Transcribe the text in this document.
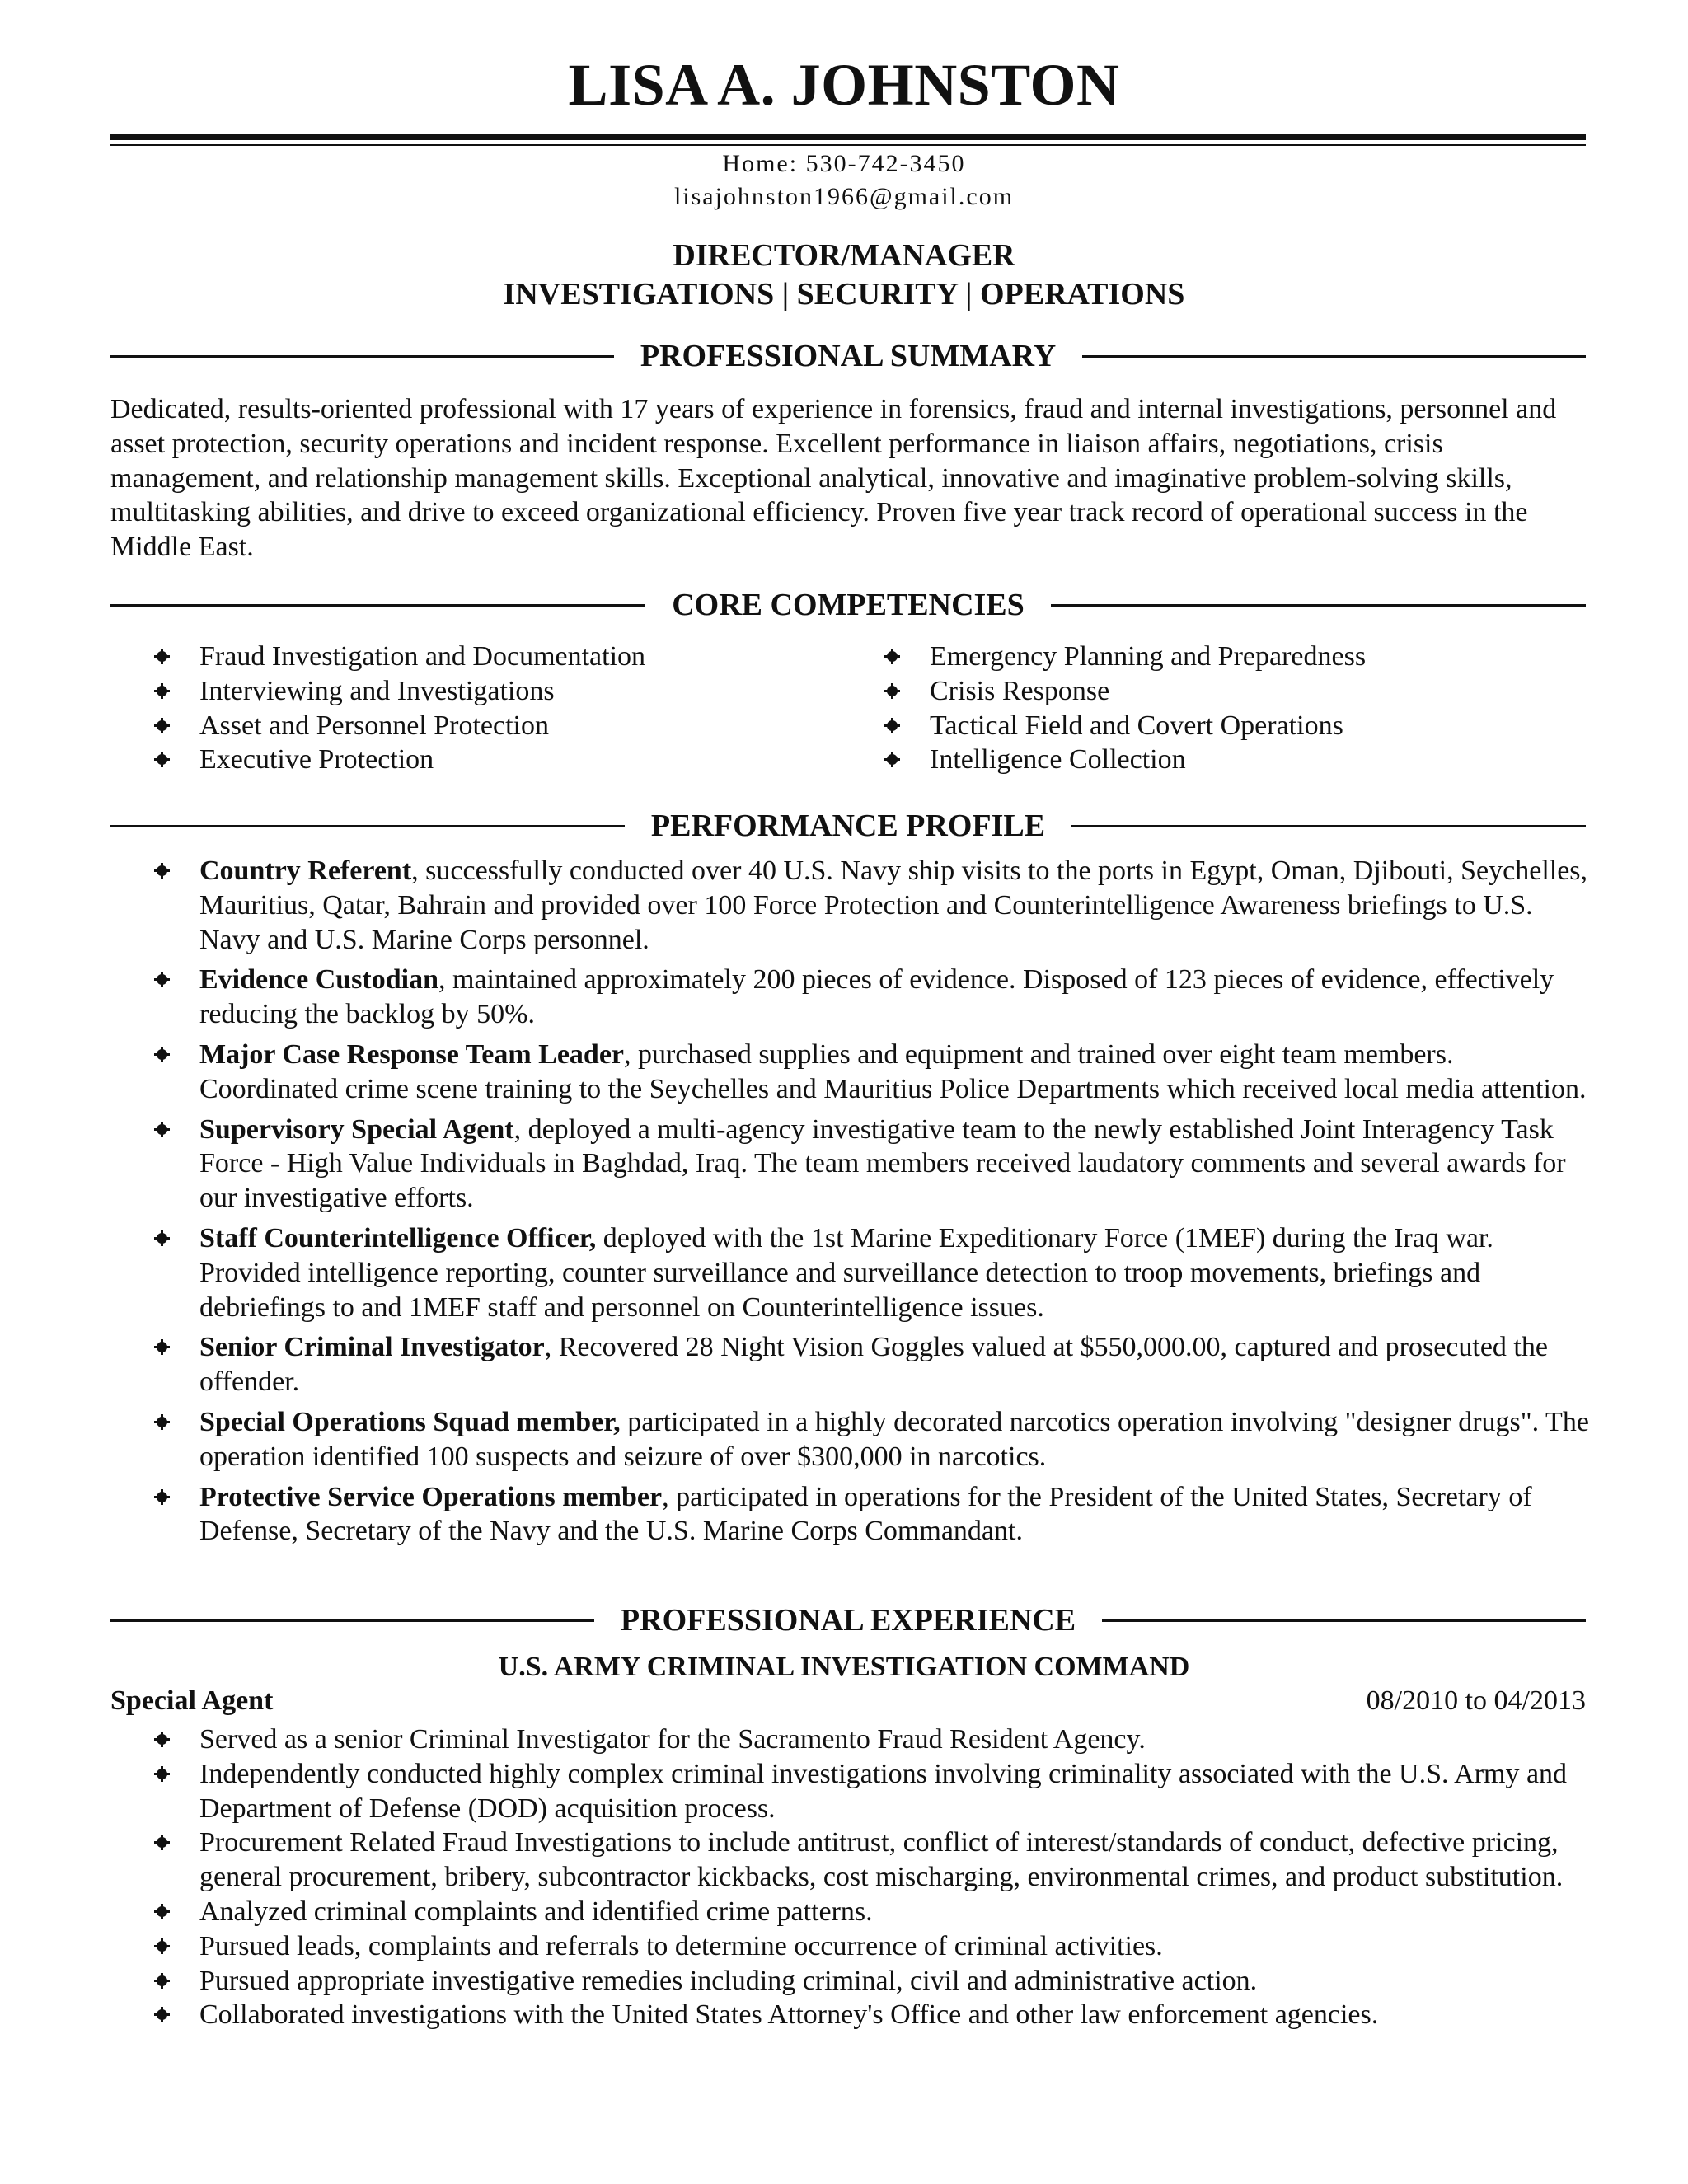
LISA A. JOHNSTON
Home: 530-742-3450
lisajohnston1966@gmail.com
DIRECTOR/MANAGER
INVESTIGATIONS | SECURITY | OPERATIONS
PROFESSIONAL SUMMARY
Dedicated, results-oriented professional with 17 years of experience in forensics, fraud and internal investigations, personnel and asset protection, security operations and incident response. Excellent performance in liaison affairs, negotiations, crisis management, and relationship management skills. Exceptional analytical, innovative and imaginative problem-solving skills, multitasking abilities, and drive to exceed organizational efficiency. Proven five year track record of operational success in the Middle East.
CORE COMPETENCIES
Fraud Investigation and Documentation
Interviewing and Investigations
Asset and Personnel Protection
Executive Protection
Emergency Planning and Preparedness
Crisis Response
Tactical Field and Covert Operations
Intelligence Collection
PERFORMANCE PROFILE
Country Referent, successfully conducted over 40 U.S. Navy ship visits to the ports in Egypt, Oman, Djibouti, Seychelles, Mauritius, Qatar, Bahrain and provided over 100 Force Protection and Counterintelligence Awareness briefings to U.S. Navy and U.S. Marine Corps personnel.
Evidence Custodian, maintained approximately 200 pieces of evidence. Disposed of 123 pieces of evidence, effectively reducing the backlog by 50%.
Major Case Response Team Leader, purchased supplies and equipment and trained over eight team members. Coordinated crime scene training to the Seychelles and Mauritius Police Departments which received local media attention.
Supervisory Special Agent, deployed a multi-agency investigative team to the newly established Joint Interagency Task Force - High Value Individuals in Baghdad, Iraq. The team members received laudatory comments and several awards for our investigative efforts.
Staff Counterintelligence Officer, deployed with the 1st Marine Expeditionary Force (1MEF) during the Iraq war. Provided intelligence reporting, counter surveillance and surveillance detection to troop movements, briefings and debriefings to and 1MEF staff and personnel on Counterintelligence issues.
Senior Criminal Investigator, Recovered 28 Night Vision Goggles valued at $550,000.00, captured and prosecuted the offender.
Special Operations Squad member, participated in a highly decorated narcotics operation involving "designer drugs". The operation identified 100 suspects and seizure of over $300,000 in narcotics.
Protective Service Operations member, participated in operations for the President of the United States, Secretary of Defense, Secretary of the Navy and the U.S. Marine Corps Commandant.
PROFESSIONAL EXPERIENCE
U.S. ARMY CRIMINAL INVESTIGATION COMMAND
Special Agent	08/2010 to 04/2013
Served as a senior Criminal Investigator for the Sacramento Fraud Resident Agency.
Independently conducted highly complex criminal investigations involving criminality associated with the U.S. Army and Department of Defense (DOD) acquisition process.
Procurement Related Fraud Investigations to include antitrust, conflict of interest/standards of conduct, defective pricing, general procurement, bribery, subcontractor kickbacks, cost mischarging, environmental crimes, and product substitution.
Analyzed criminal complaints and identified crime patterns.
Pursued leads, complaints and referrals to determine occurrence of criminal activities.
Pursued appropriate investigative remedies including criminal, civil and administrative action.
Collaborated investigations with the United States Attorney's Office and other law enforcement agencies.
